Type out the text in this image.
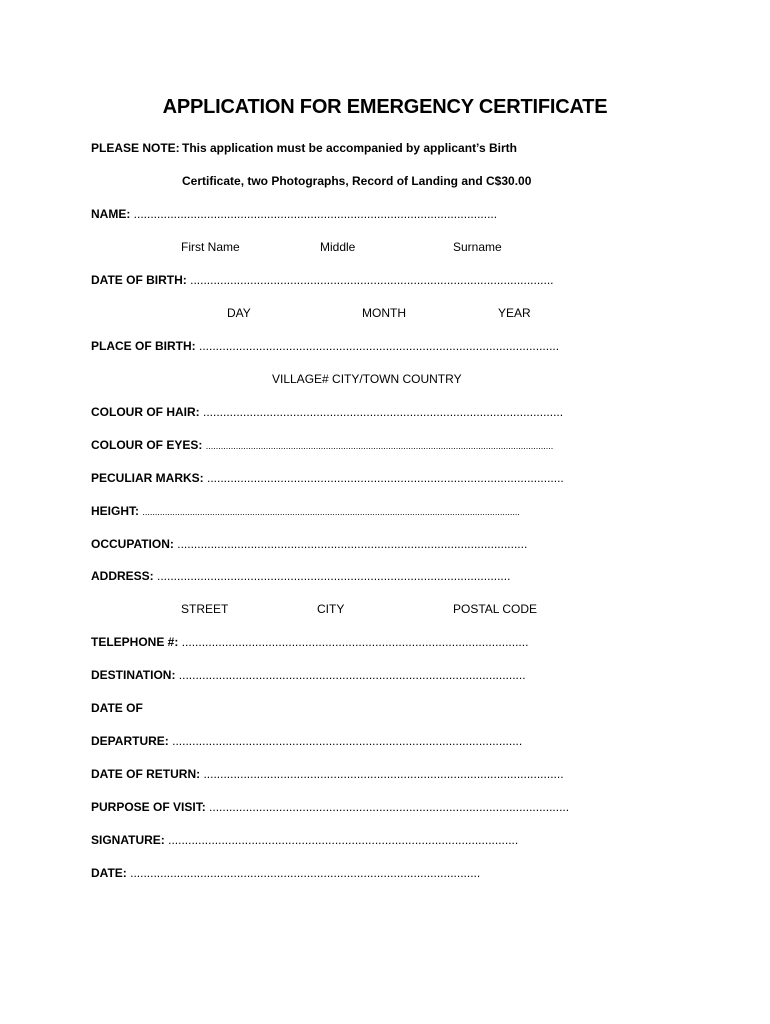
APPLICATION FOR EMERGENCY CERTIFICATE
PLEASE NOTE: This application must be accompanied by applicant’s Birth
Certificate, two Photographs, Record of Landing and C$30.00
NAME: .............................................................................................................
First Name	Middle	Surname
DATE OF BIRTH: .............................................................................................................
DAY	MONTH	YEAR
PLACE OF BIRTH: ............................................................................................................
VILLAGE# CITY/TOWN COUNTRY
COLOUR OF HAIR: ............................................................................................................
COLOUR OF EYES: ...........................................................................................................................................
PECULIAR MARKS: ...........................................................................................................
HEIGHT: .......................................................................................................................................................
OCCUPATION: .........................................................................................................
ADDRESS: ..........................................................................................................
STREET	CITY	POSTAL CODE
TELEPHONE #: ........................................................................................................
DESTINATION: ........................................................................................................
DATE OF
DEPARTURE: .........................................................................................................
DATE OF RETURN: ............................................................................................................
PURPOSE OF VISIT: ............................................................................................................
SIGNATURE: .........................................................................................................
DATE: .........................................................................................................
